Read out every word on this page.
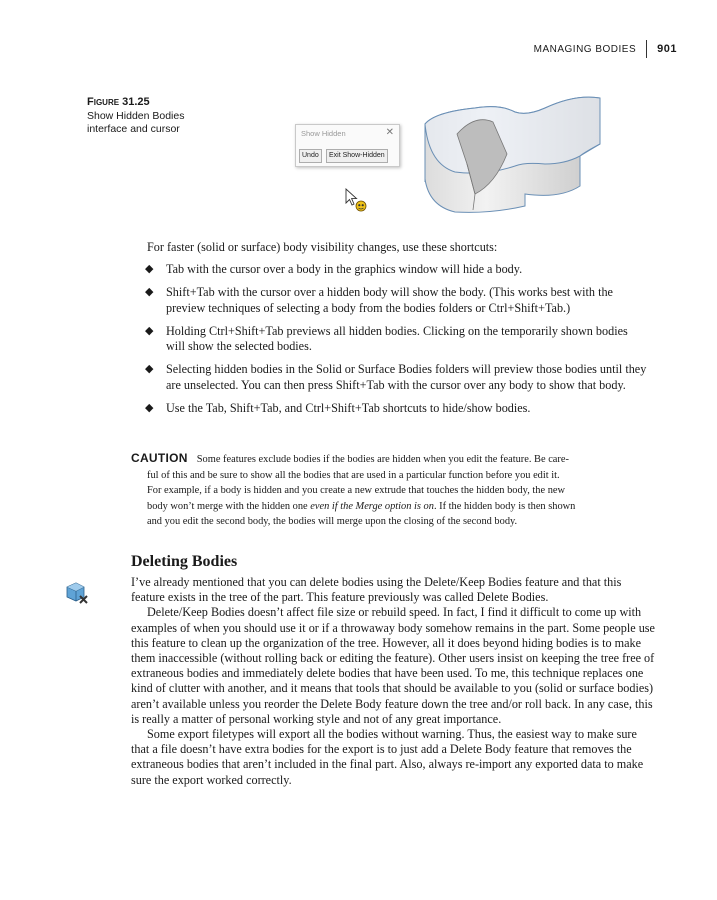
MANAGING BODIES 901
Figure 31.25
Show Hidden Bodies interface and cursor	Show Hidden	✕
Undo	Exit Show-Hidden
For faster (solid or surface) body visibility changes, use these shortcuts:
◆ Tab with the cursor over a body in the graphics window will hide a body.
◆ Shift+Tab with the cursor over a hidden body will show the body. (This works best with the preview techniques of selecting a body from the bodies folders or Ctrl+Shift+Tab.)
◆ Holding Ctrl+Shift+Tab previews all hidden bodies. Clicking on the temporarily shown bodies will show the selected bodies.
◆ Selecting hidden bodies in the Solid or Surface Bodies folders will preview those bodies until they are unselected. You can then press Shift+Tab with the cursor over any body to show that body.
◆ Use the Tab, Shift+Tab, and Ctrl+Shift+Tab shortcuts to hide/show bodies.
CAUTION Some features exclude bodies if the bodies are hidden when you edit the feature. Be care-
ful of this and be sure to show all the bodies that are used in a particular function before you edit it.
For example, if a body is hidden and you create a new extrude that touches the hidden body, the new
body won’t merge with the hidden one even if the Merge option is on. If the hidden body is then shown
and you edit the second body, the bodies will merge upon the closing of the second body.
Deleting Bodies

I’ve already mentioned that you can delete bodies using the Delete/Keep Bodies feature and that this feature exists in the tree of the part. This feature previously was called Delete Bodies.

Delete/Keep Bodies doesn’t affect file size or rebuild speed. In fact, I find it difficult to come up with examples of when you should use it or if a throwaway body somehow remains in the part. Some people use this feature to clean up the organization of the tree. However, all it does beyond hiding bodies is to make them inaccessible (without rolling back or editing the feature). Other users insist on keeping the tree free of extraneous bodies and immediately delete bodies that have been used. To me, this technique replaces one kind of clutter with another, and it means that tools that should be available to you (solid or surface bodies) aren’t available unless you reorder the Delete Body feature down the tree and/or roll back. In any case, this is really a matter of personal working style and not of any great importance.

Some export filetypes will export all the bodies without warning. Thus, the easiest way to make sure that a file doesn’t have extra bodies for the export is to just add a Delete Body feature that removes the extraneous bodies that aren’t included in the final part. Also, always re-import any exported data to make sure the export worked correctly.
